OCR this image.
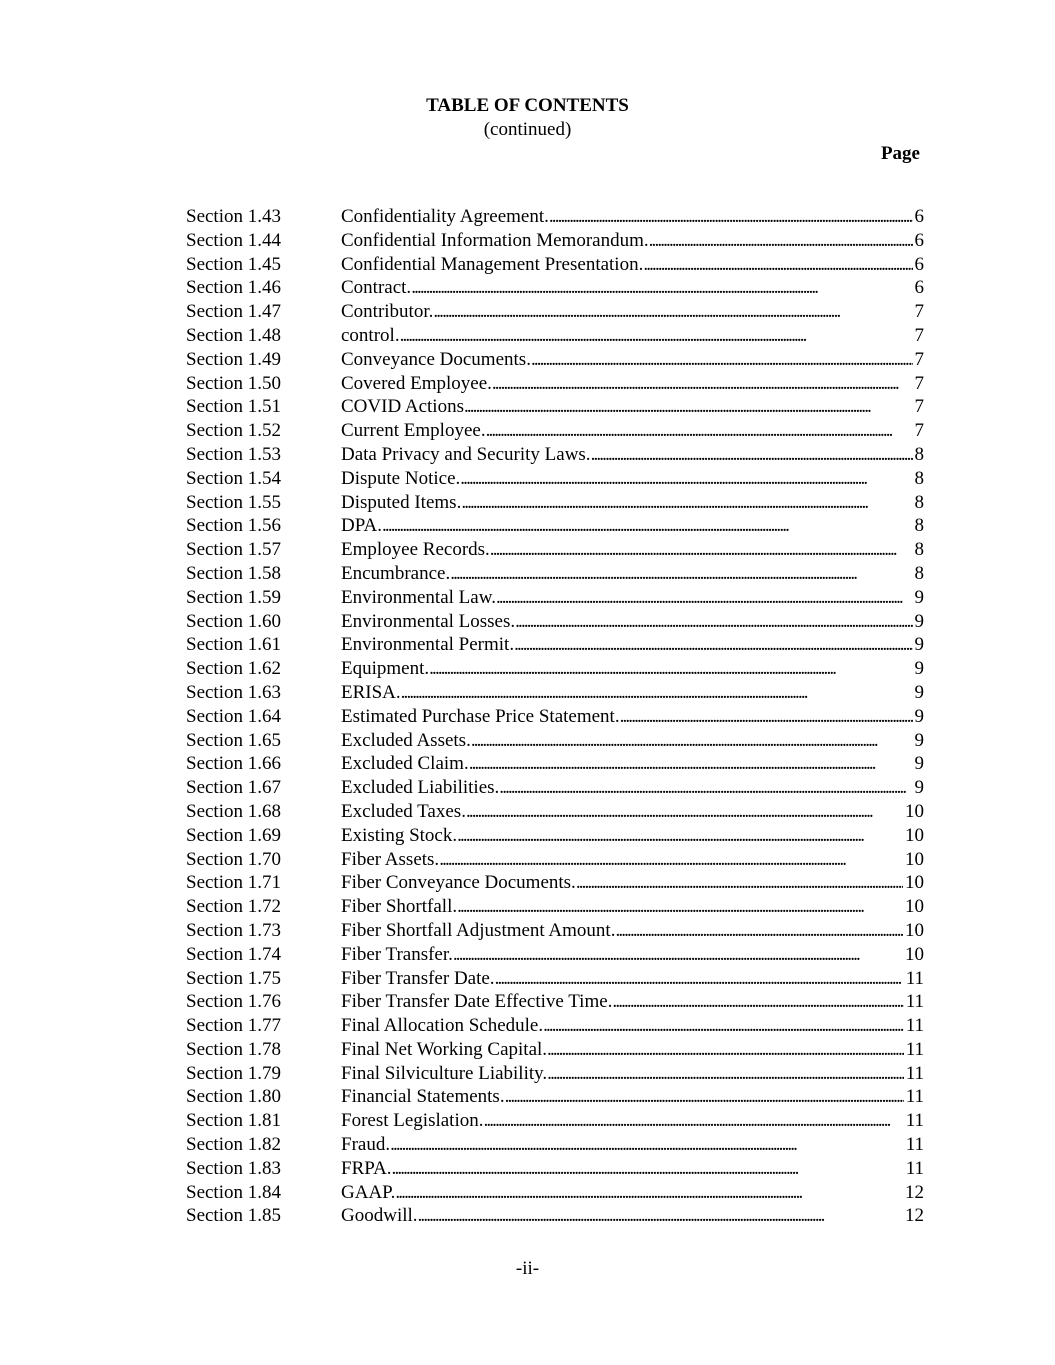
TABLE OF CONTENTS
(continued)
Page
Section 1.43	Confidentiality Agreement. . . .	6
Section 1.44	Confidential Information Memorandum. . . .	6
Section 1.45	Confidential Management Presentation. . . .	6
Section 1.46	Contract. . . .	6
Section 1.47	Contributor. . . .	7
Section 1.48	control. . . .	7
Section 1.49	Conveyance Documents. . . .	7
Section 1.50	Covered Employee. . . .	7
Section 1.51	COVID Actions . . .	7
Section 1.52	Current Employee. . . .	7
Section 1.53	Data Privacy and Security Laws. . . .	8
Section 1.54	Dispute Notice. . . .	8
Section 1.55	Disputed Items. . . .	8
Section 1.56	DPA. . . .	8
Section 1.57	Employee Records. . . .	8
Section 1.58	Encumbrance. . . .	8
Section 1.59	Environmental Law. . . .	9
Section 1.60	Environmental Losses. . . .	9
Section 1.61	Environmental Permit. . . .	9
Section 1.62	Equipment. . . .	9
Section 1.63	ERISA. . . .	9
Section 1.64	Estimated Purchase Price Statement. . . .	9
Section 1.65	Excluded Assets. . . .	9
Section 1.66	Excluded Claim. . . .	9
Section 1.67	Excluded Liabilities. . . .	9
Section 1.68	Excluded Taxes. . . .	10
Section 1.69	Existing Stock. . . .	10
Section 1.70	Fiber Assets. . . .	10
Section 1.71	Fiber Conveyance Documents. . . .	10
Section 1.72	Fiber Shortfall. . . .	10
Section 1.73	Fiber Shortfall Adjustment Amount. . . .	10
Section 1.74	Fiber Transfer. . . .	10
Section 1.75	Fiber Transfer Date. . . .	11
Section 1.76	Fiber Transfer Date Effective Time. . . .	11
Section 1.77	Final Allocation Schedule. . . .	11
Section 1.78	Final Net Working Capital. . . .	11
Section 1.79	Final Silviculture Liability. . . .	11
Section 1.80	Financial Statements. . . .	11
Section 1.81	Forest Legislation. . . .	11
Section 1.82	Fraud. . . .	11
Section 1.83	FRPA. . . .	11
Section 1.84	GAAP. . . .	12
Section 1.85	Goodwill. . . .	12
-ii-
